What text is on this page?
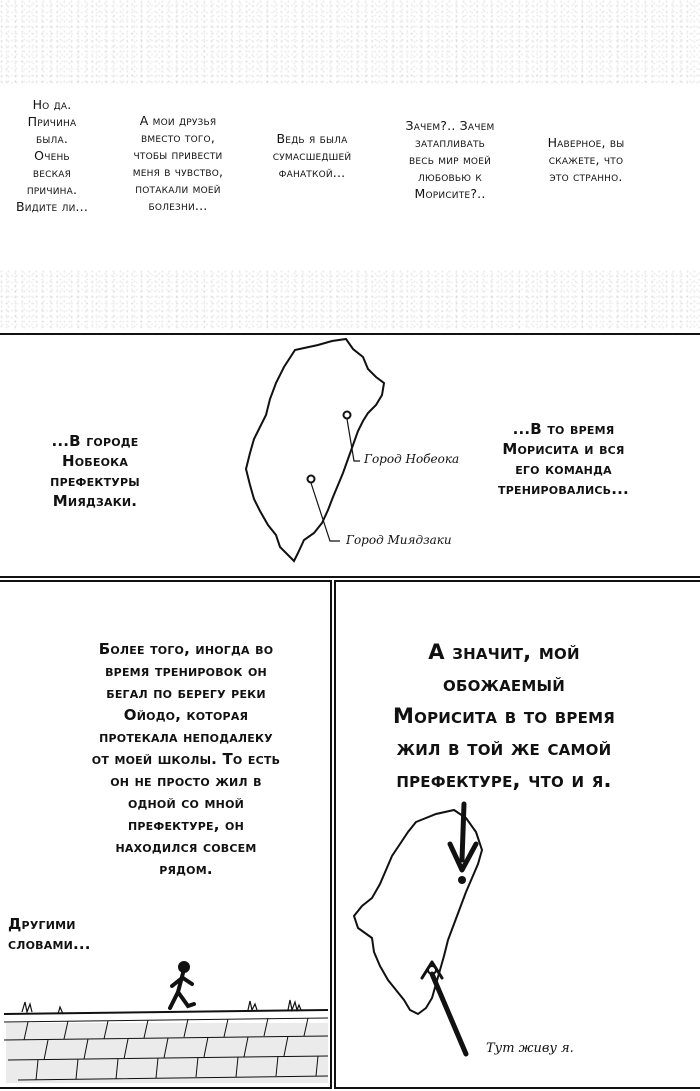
Но да.
Причина
была.
Очень
веская
причина.
Видите ли...
А мои друзья
вместо того,
чтобы привести
меня в чувство,
потакали моей
болезни...
Ведь я была
сумасшедшей
фанаткой...
Зачем?.. Зачем
затапливать
весь мир моей
любовью к
Морисите?..
Наверное, вы
скажете, что
это странно.
...В городе
Нобеока
префектуры
Миядзаки.
...В то время
Морисита и вся
его команда
тренировались...
Город Нобеока
Город Миядзаки
Более того, иногда во
время тренировок он
бегал по берегу реки
Ойодо, которая
протекала неподалеку
от моей школы. То есть
он не просто жил в
одной со мной
префектуре, он
находился совсем
рядом.
Другими
словами...
А значит, мой
обожаемый
Морисита в то время
жил в той же самой
префектуре, что и я.
Тут живу я.
